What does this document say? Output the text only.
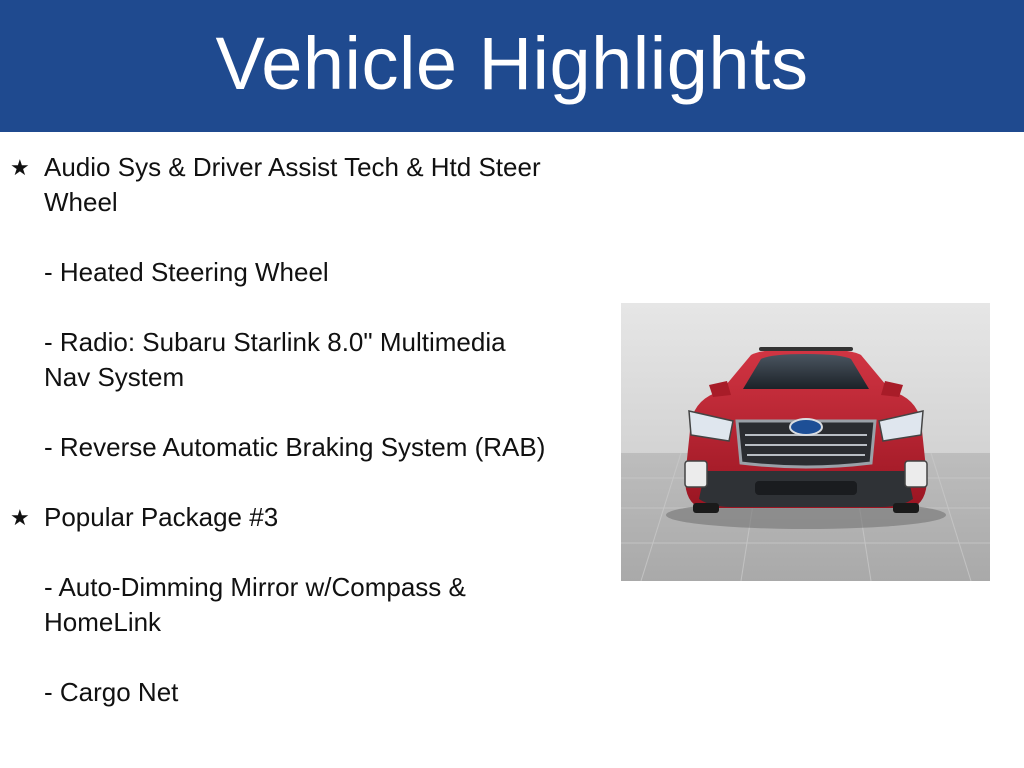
Vehicle Highlights
★ Audio Sys & Driver Assist Tech & Htd Steer Wheel

- Heated Steering Wheel

- Radio: Subaru Starlink 8.0" Multimedia Nav System

- Reverse Automatic Braking System (RAB)

★ Popular Package #3

- Auto-Dimming Mirror w/Compass & HomeLink

- Cargo Net
